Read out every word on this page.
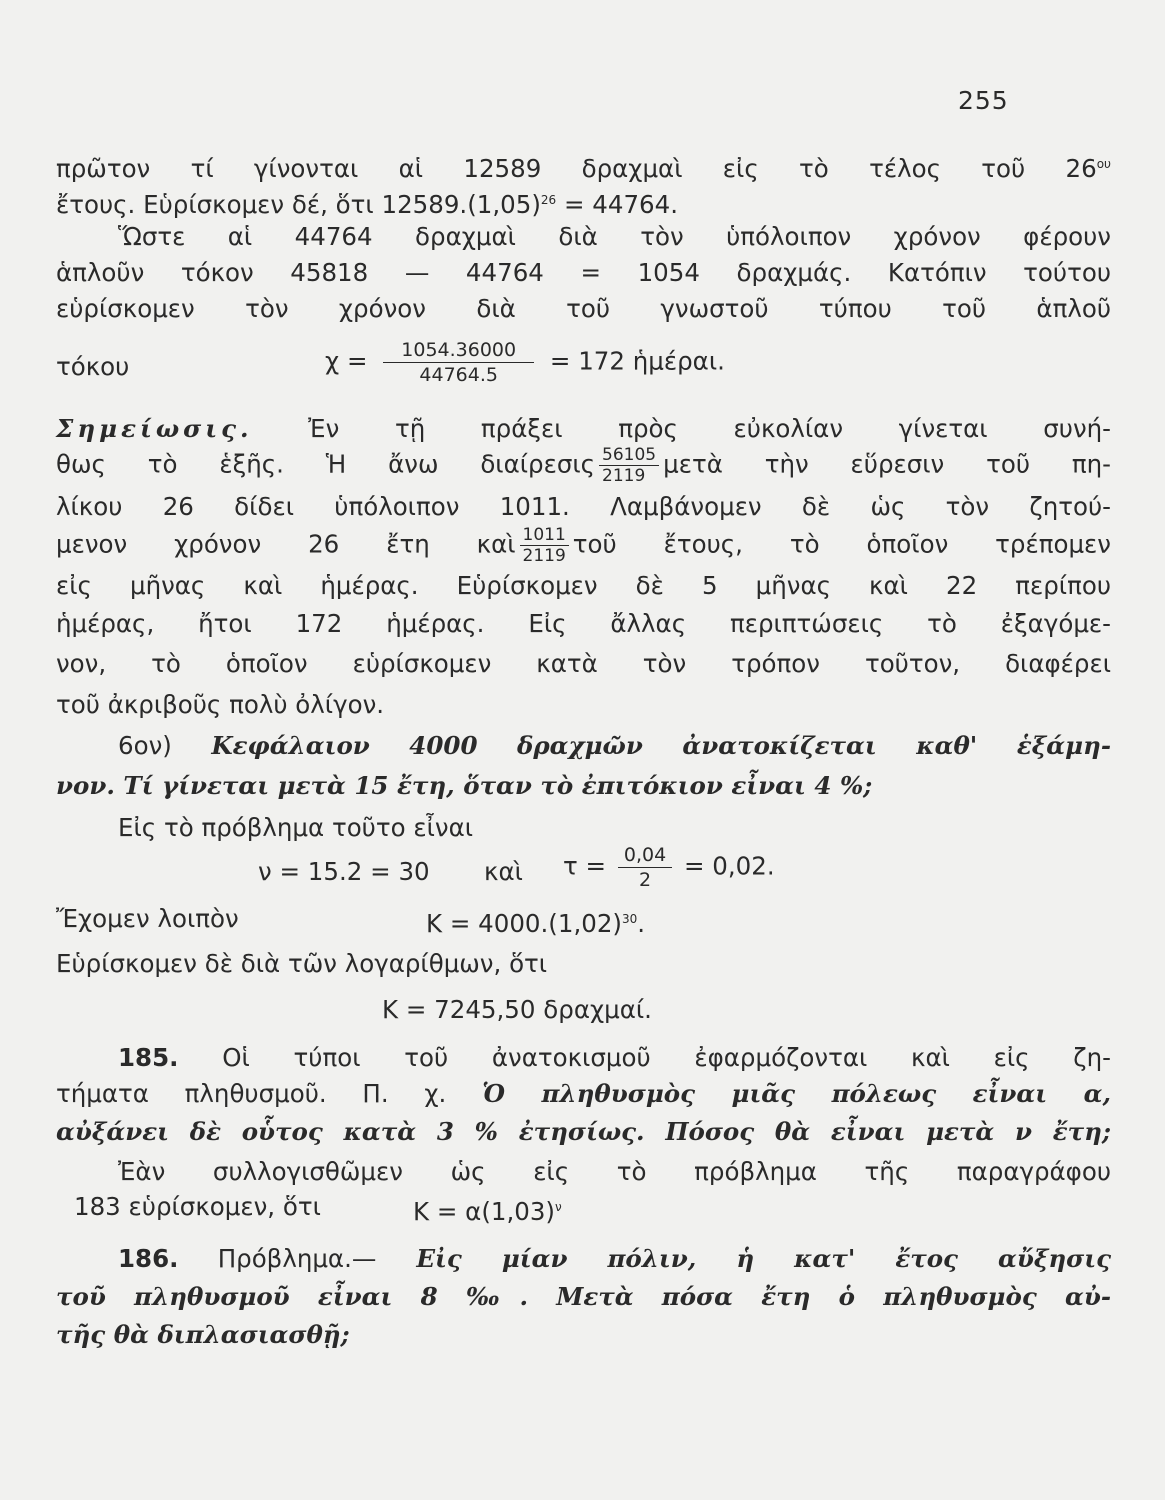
255
πρῶτον τί γίνονται αἱ 12589 δραχμαὶ εἰς τὸ τέλος τοῦ $26^{o\upsilon}$
ἔτους. Εὑρίσκομεν δέ, ὅτι $12589.(1,05)^{26} = 44764$.
Ὥστε αἱ 44764 δραχμαὶ διὰ τὸν ὑπόλοιπον χρόνον φέρουν
ἁπλοῦν τόκον 45818 — 44764 = 1054 δραχμάς. Κατόπιν τούτου
εὑρίσκομεν τὸν χρόνον διὰ τοῦ γνωστοῦ τύπου τοῦ ἁπλοῦ
τόκου	$\chi = \frac{1054.36000}{44764.5} = 172$ ἡμέραι.
Σημείωσις. Ἐν τῇ πράξει πρὸς εὐκολίαν γίνεται συνή-
θως τὸ ἑξῆς. Ἡ ἄνω διαίρεσις $\frac{56105}{2119}$ μετὰ τὴν εὕρεσιν τοῦ πη-
λίκου 26 δίδει ὑπόλοιπον 1011. Λαμβάνομεν δὲ ὡς τὸν ζητού-
μενον χρόνον 26 ἔτη καὶ $\frac{1011}{2119}$ τοῦ ἔτους, τὸ ὁποῖον τρέπομεν
εἰς μῆνας καὶ ἡμέρας. Εὑρίσκομεν δὲ 5 μῆνας καὶ 22 περίπου
ἡμέρας, ἤτοι 172 ἡμέρας. Εἰς ἄλλας περιπτώσεις τὸ ἐξαγόμε-
νον, τὸ ὁποῖον εὑρίσκομεν κατὰ τὸν τρόπον τοῦτον, διαφέρει
τοῦ ἀκριβοῦς πολὺ ὀλίγον.
6ον) Κεφάλαιον 4000 δραχμῶν ἀνατοκίζεται καθ' ἑξάμη-
νον. Τί γίνεται μετὰ 15 ἔτη, ὅταν τὸ ἐπιτόκιον εἶναι 4 %;
Εἰς τὸ πρόβλημα τοῦτο εἶναι
ν = 15.2 = 30 καὶ $\tau = \frac{0,04}{2} = 0,02$.
Ἔχομεν λοιπὸν	$K = 4000.(1,02)^{30}$.
Εὑρίσκομεν δὲ διὰ τῶν λογαρίθμων, ὅτι
Κ = 7245,50 δραχμαί.
185. Οἱ τύποι τοῦ ἀνατοκισμοῦ ἐφαρμόζονται καὶ εἰς ζη-
τήματα πληθυσμοῦ. Π. χ. Ὁ πληθυσμὸς μιᾶς πόλεως εἶναι α,
αὐξάνει δὲ οὗτος κατὰ 3 % ἐτησίως. Πόσος θὰ εἶναι μετὰ ν ἔτη;
Ἐὰν συλλογισθῶμεν ὡς εἰς τὸ πρόβλημα τῆς παραγράφου
183 εὑρίσκομεν, ὅτι	$K = \alpha(1,03)^\nu$
186. Πρόβλημα.— Εἰς μίαν πόλιν, ἡ κατ' ἔτος αὔξησις
τοῦ πληθυσμοῦ εἶναι 8 ‰. Μετὰ πόσα ἔτη ὁ πληθυσμὸς αὐ-
τῆς θὰ διπλασιασθῇ;
